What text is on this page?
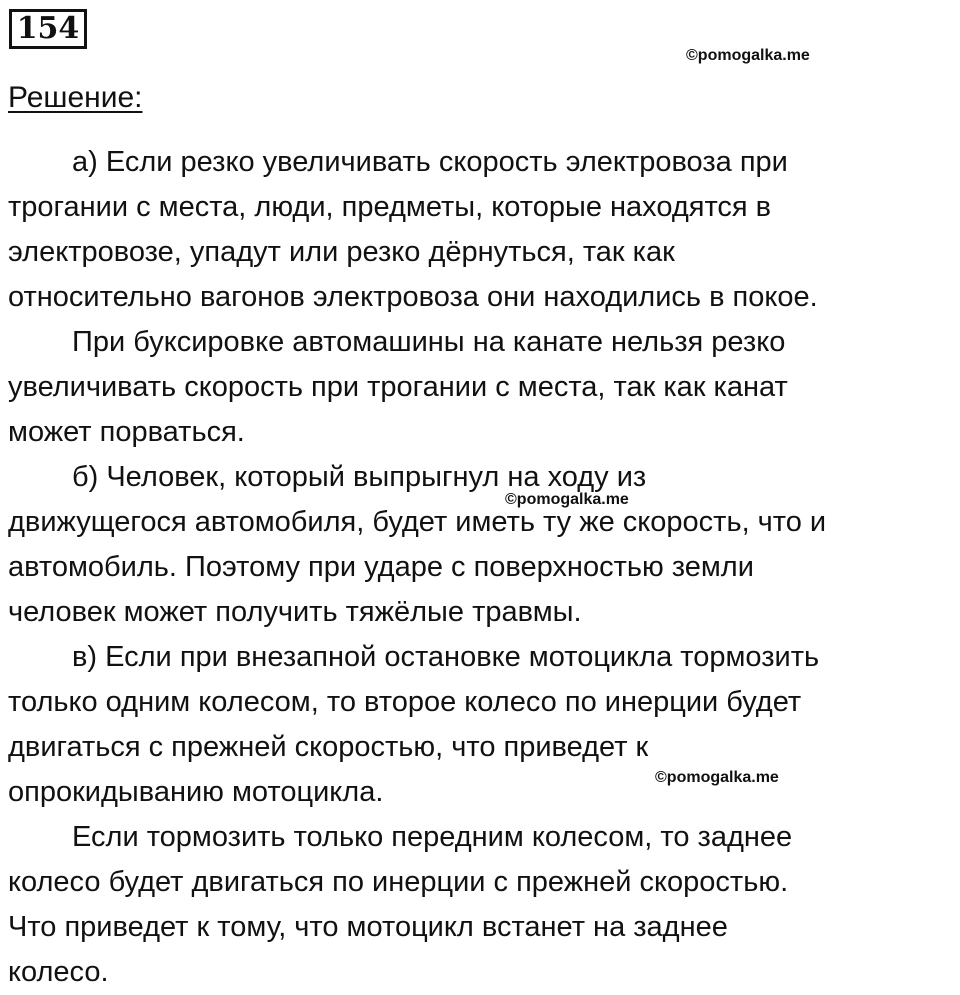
154
©pomogalka.me
©pomogalka.me
©pomogalka.me
Решение:
а) Если резко увеличивать скорость электровоза при
трогании с места, люди, предметы, которые находятся в
электровозе, упадут или резко дёрнуться, так как
относительно вагонов электровоза они находились в покое.
При буксировке автомашины на канате нельзя резко
увеличивать скорость при трогании с места, так как канат
может порваться.
б) Человек, который выпрыгнул на ходу из
движущегося автомобиля, будет иметь ту же скорость, что и
автомобиль. Поэтому при ударе с поверхностью земли
человек может получить тяжёлые травмы.
в) Если при внезапной остановке мотоцикла тормозить
только одним колесом, то второе колесо по инерции будет
двигаться с прежней скоростью, что приведет к
опрокидыванию мотоцикла.
Если тормозить только передним колесом, то заднее
колесо будет двигаться по инерции с прежней скоростью.
Что приведет к тому, что мотоцикл встанет на заднее
колесо.
